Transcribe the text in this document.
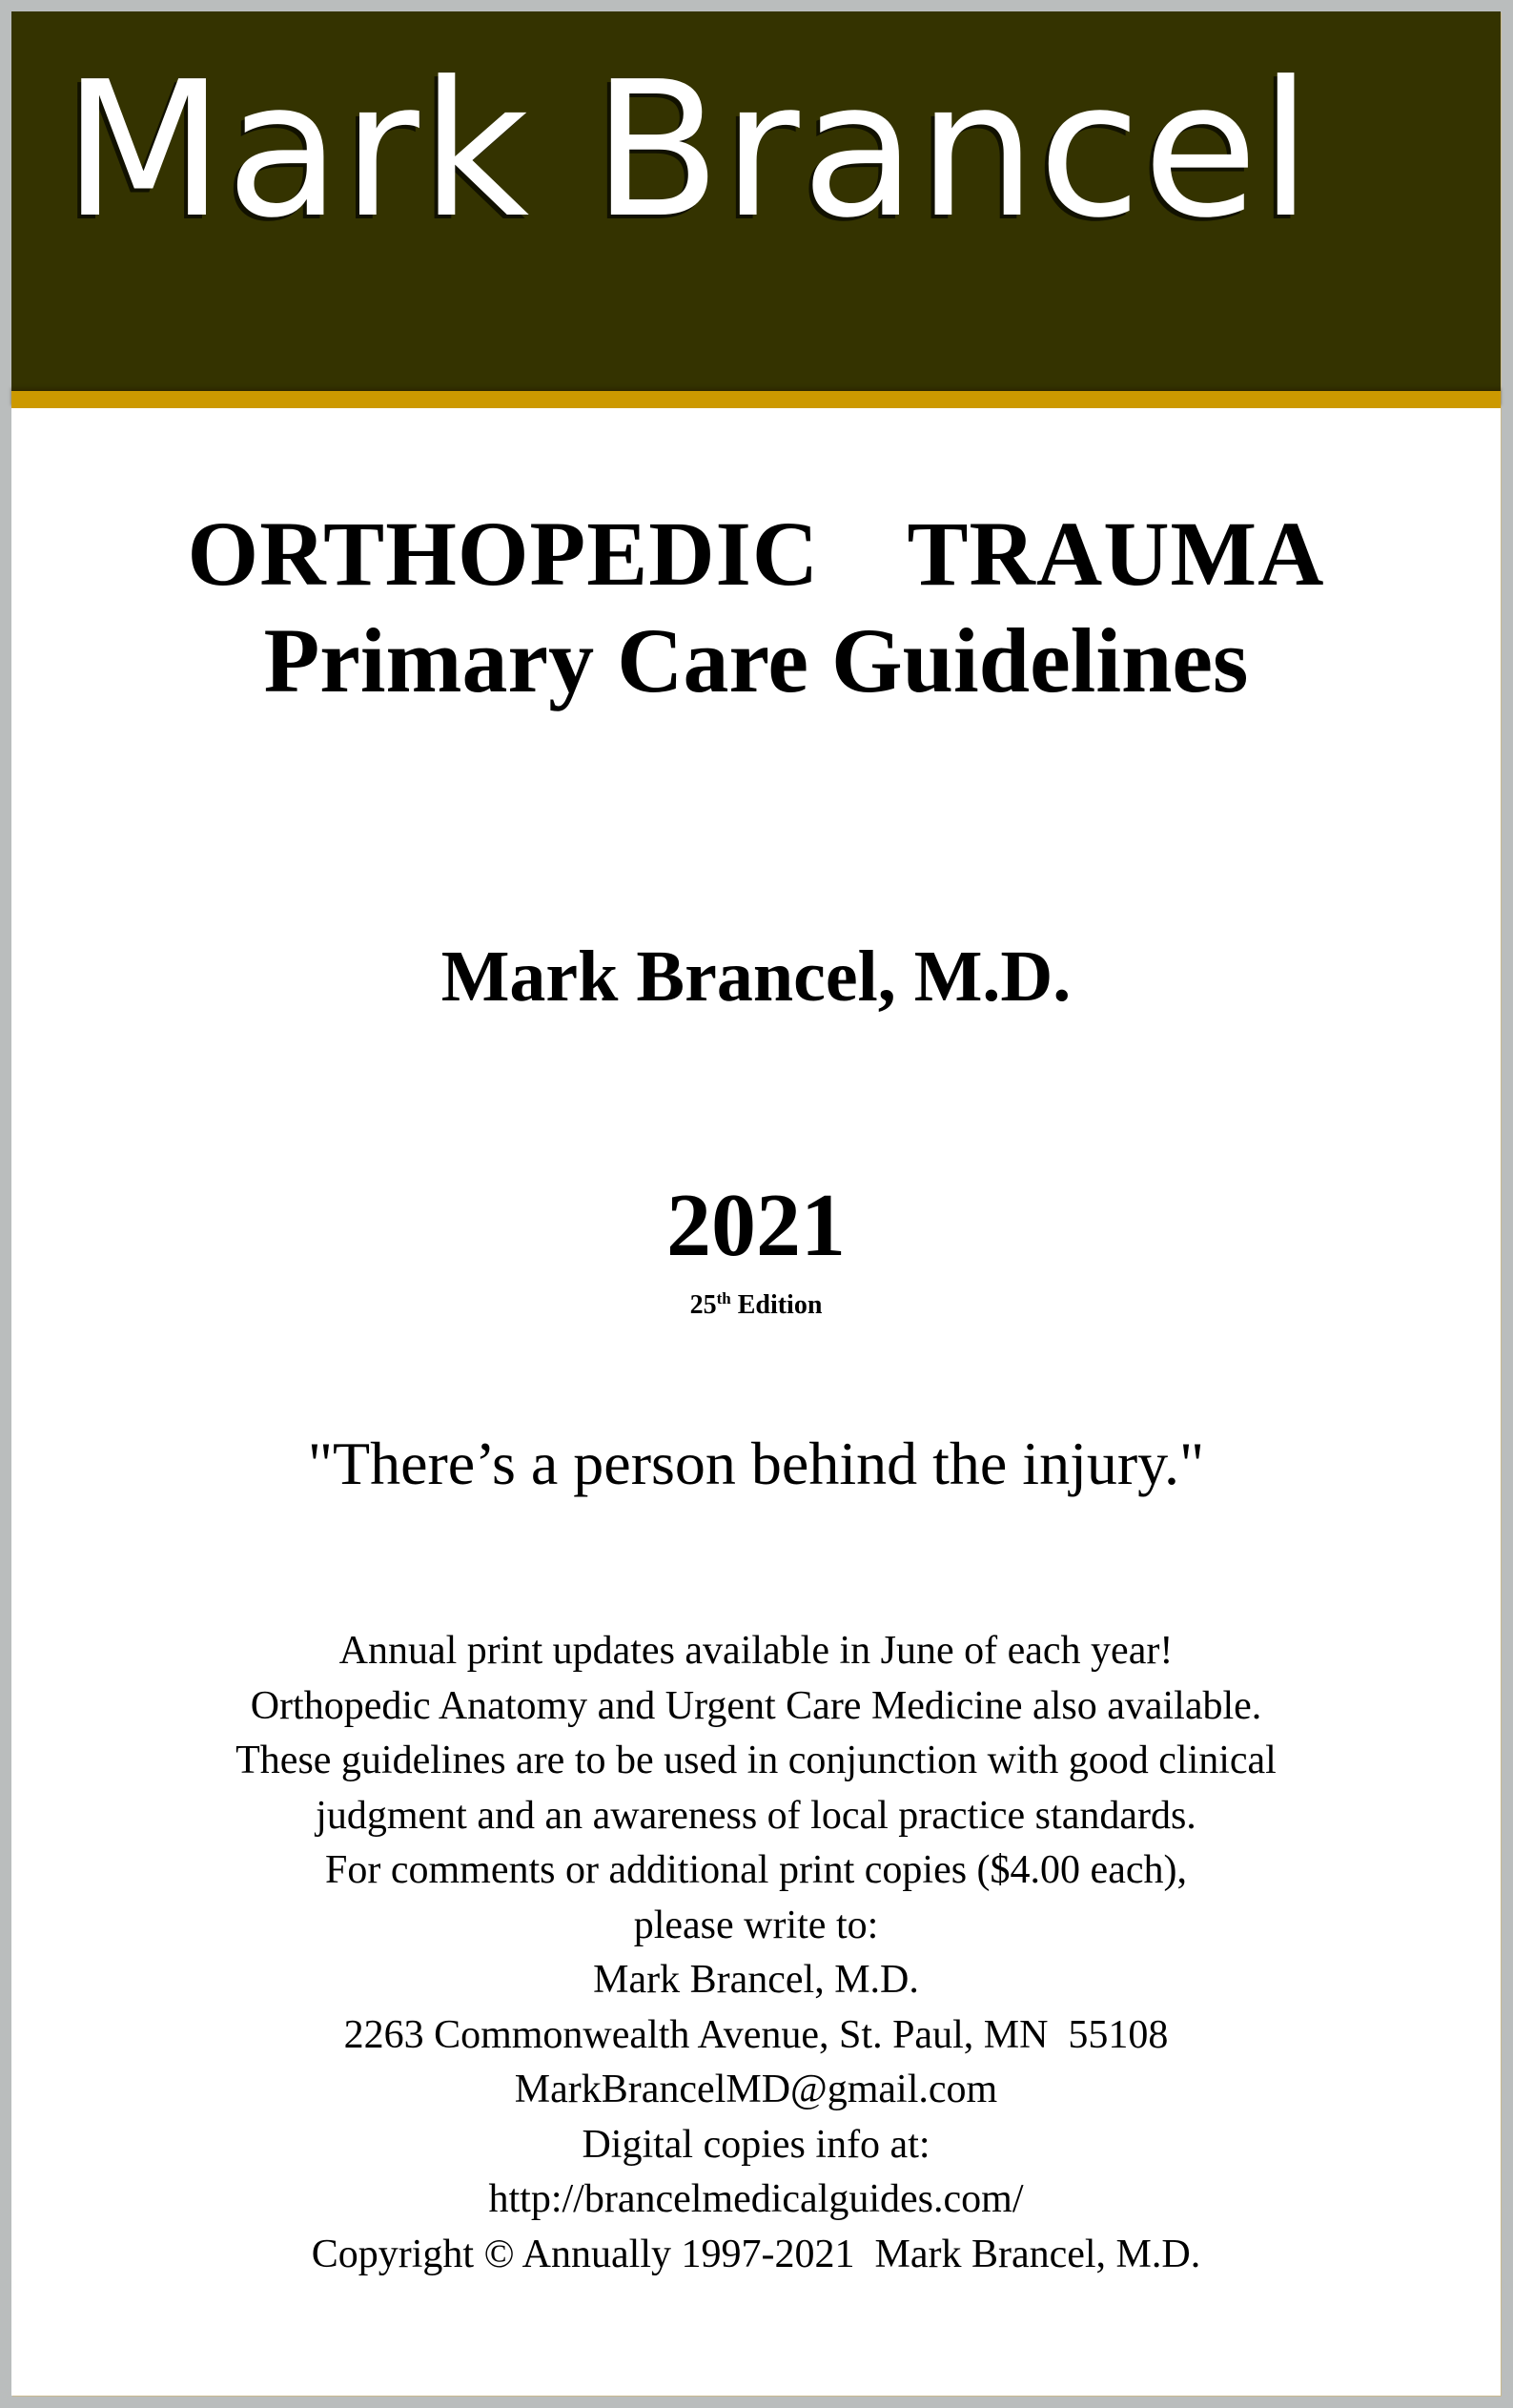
Mark Brancel
ORTHOPEDIC  TRAUMA
Primary Care Guidelines
Mark Brancel, M.D.
2021
25th Edition
"There’s a person behind the injury."
Annual print updates available in June of each year!
Orthopedic Anatomy and Urgent Care Medicine also available.
These guidelines are to be used in conjunction with good clinical
judgment and an awareness of local practice standards.
For comments or additional print copies ($4.00 each),
please write to:
Mark Brancel, M.D.
2263 Commonwealth Avenue, St. Paul, MN  55108
MarkBrancelMD@gmail.com
Digital copies info at:
http://brancelmedicalguides.com/
Copyright © Annually 1997-2021  Mark Brancel, M.D.
